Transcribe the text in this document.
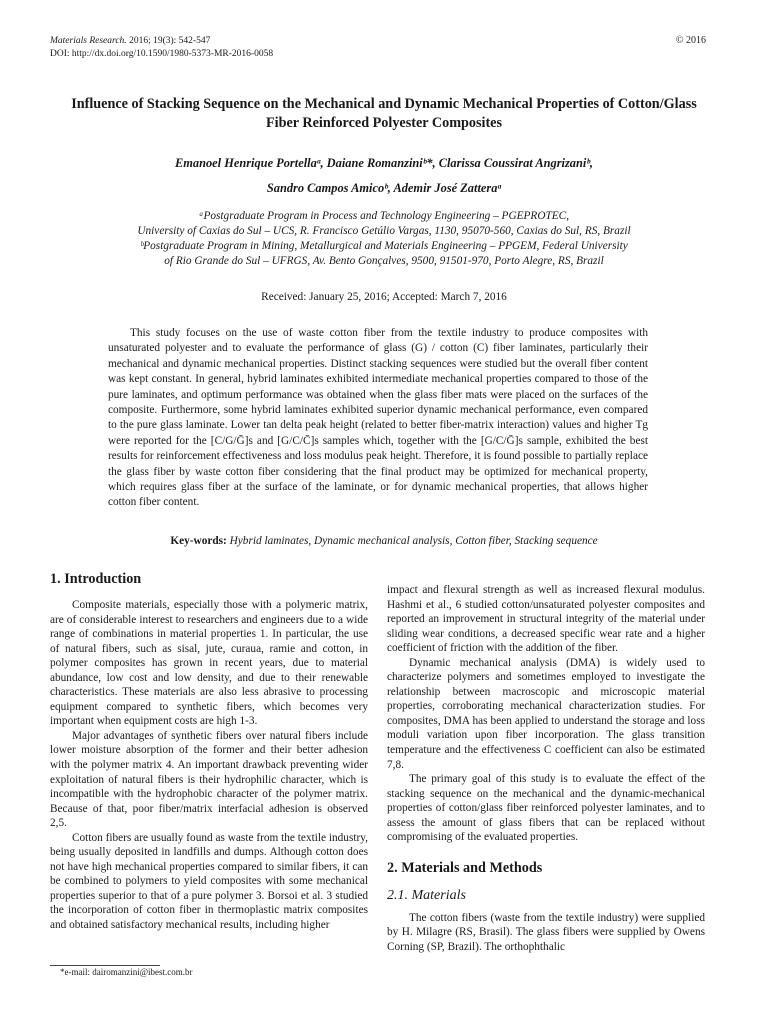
Materials Research. 2016; 19(3): 542-547
DOI: http://dx.doi.org/10.1590/1980-5373-MR-2016-0058
© 2016
Influence of Stacking Sequence on the Mechanical and Dynamic Mechanical Properties of Cotton/Glass Fiber Reinforced Polyester Composites
Emanoel Henrique Portellaᵃ, Daiane Romanziniᵇ*, Clarissa Coussirat Angrizaniᵇ,
Sandro Campos Amicoᵇ, Ademir José Zatteraᵃ
ᵃPostgraduate Program in Process and Technology Engineering – PGEPROTEC,
University of Caxias do Sul – UCS, R. Francisco Getúlio Vargas, 1130, 95070-560, Caxias do Sul, RS, Brazil
ᵇPostgraduate Program in Mining, Metallurgical and Materials Engineering – PPGEM, Federal University
of Rio Grande do Sul – UFRGS, Av. Bento Gonçalves, 9500, 91501-970, Porto Alegre, RS, Brazil
Received: January 25, 2016; Accepted: March 7, 2016
This study focuses on the use of waste cotton fiber from the textile industry to produce composites with unsaturated polyester and to evaluate the performance of glass (G) / cotton (C) fiber laminates, particularly their mechanical and dynamic mechanical properties. Distinct stacking sequences were studied but the overall fiber content was kept constant. In general, hybrid laminates exhibited intermediate mechanical properties compared to those of the pure laminates, and optimum performance was obtained when the glass fiber mats were placed on the surfaces of the composite. Furthermore, some hybrid laminates exhibited superior dynamic mechanical performance, even compared to the pure glass laminate. Lower tan delta peak height (related to better fiber-matrix interaction) values and higher Tg were reported for the [C/G/Ḡ]s and [G/C/C̄]s samples which, together with the [G/C/Ḡ]s sample, exhibited the best results for reinforcement effectiveness and loss modulus peak height. Therefore, it is found possible to partially replace the glass fiber by waste cotton fiber considering that the final product may be optimized for mechanical property, which requires glass fiber at the surface of the laminate, or for dynamic mechanical properties, that allows higher cotton fiber content.
Key-words: Hybrid laminates, Dynamic mechanical analysis, Cotton fiber, Stacking sequence
1. Introduction

Composite materials, especially those with a polymeric matrix, are of considerable interest to researchers and engineers due to a wide range of combinations in material properties 1. In particular, the use of natural fibers, such as sisal, jute, curaua, ramie and cotton, in polymer composites has grown in recent years, due to material abundance, low cost and low density, and due to their renewable characteristics. These materials are also less abrasive to processing equipment compared to synthetic fibers, which becomes very important when equipment costs are high 1-3.

Major advantages of synthetic fibers over natural fibers include lower moisture absorption of the former and their better adhesion with the polymer matrix 4. An important drawback preventing wider exploitation of natural fibers is their hydrophilic character, which is incompatible with the hydrophobic character of the polymer matrix. Because of that, poor fiber/matrix interfacial adhesion is observed 2,5.

Cotton fibers are usually found as waste from the textile industry, being usually deposited in landfills and dumps. Although cotton does not have high mechanical properties compared to similar fibers, it can be combined to polymers to yield composites with some mechanical properties superior to that of a pure polymer 3. Borsoi et al. 3 studied the incorporation of cotton fiber in thermoplastic matrix composites and obtained satisfactory mechanical results, including higher

impact and flexural strength as well as increased flexural modulus. Hashmi et al., 6 studied cotton/unsaturated polyester composites and reported an improvement in structural integrity of the material under sliding wear conditions, a decreased specific wear rate and a higher coefficient of friction with the addition of the fiber.

Dynamic mechanical analysis (DMA) is widely used to characterize polymers and sometimes employed to investigate the relationship between macroscopic and microscopic material properties, corroborating mechanical characterization studies. For composites, DMA has been applied to understand the storage and loss moduli variation upon fiber incorporation. The glass transition temperature and the effectiveness C coefficient can also be estimated 7,8.

The primary goal of this study is to evaluate the effect of the stacking sequence on the mechanical and the dynamic-mechanical properties of cotton/glass fiber reinforced polyester laminates, and to assess the amount of glass fibers that can be replaced without compromising of the evaluated properties.

2. Materials and Methods
2.1. Materials

The cotton fibers (waste from the textile industry) were supplied by H. Milagre (RS, Brasil). The glass fibers were supplied by Owens Corning (SP, Brazil). The orthophthalic

*e-mail: dairomanzini@ibest.com.br
